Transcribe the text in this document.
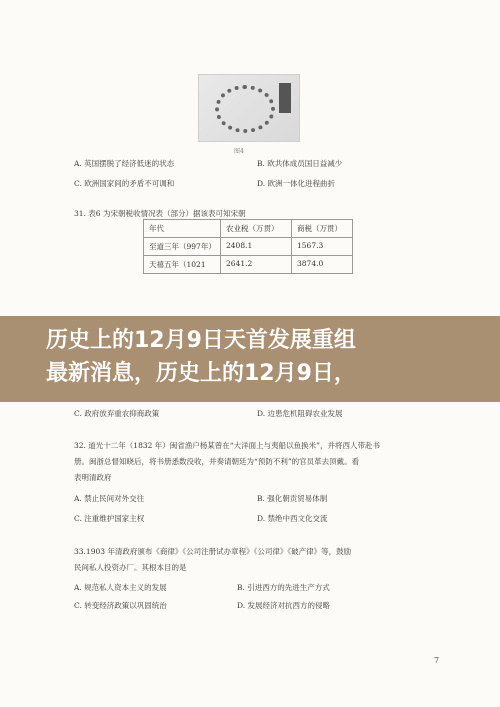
图4
A. 英国摆脱了经济低迷的状态	B. 欧共体成员国日益减少
C. 欧洲国家间的矛盾不可调和	D. 欧洲一体化进程曲折
31. 表6 为宋朝税收情况表（部分）据该表可知宋朝
年代	农业税（万贯）	商税（万贯）
至道三年（997年）	2408.1	1567.3
天禧五年（1021	2641.2	3874.0
历史上的12月9日天首发展重组
最新消息，历史上的12月9日，
C. 政府放弃重农抑商政策	D. 边患危机阻碍农业发展
32. 道光十二年（1832 年）闽省渔户杨某曾在“大洋面上与夷船以鱼换米”，并将西人带赴书
册。闽浙总督知晓后，将书册悉数没收，并奏请朝廷为“预防不利”的官员革去顶戴。看
表明清政府
A. 禁止民间对外交往	B. 强化朝贡贸易体制
C. 注重维护国家主权	D. 禁绝中西文化交流
33.1903 年清政府颁布《商律》《公司注册试办章程》《公司律》《破产律》等，鼓励
民间私人投资办厂。其根本目的是
A. 规范私人资本主义的发展	B. 引进西方的先进生产方式
C. 转变经济政策以巩固统治	D. 发展经济对抗西方的侵略
7
